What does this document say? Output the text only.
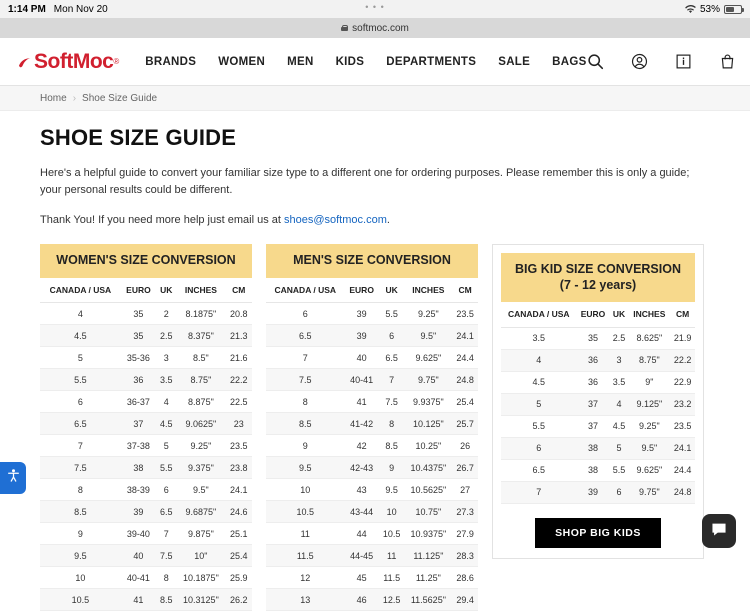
1:14 PM Mon Nov 20	• • •	53%
softmoc.com
SoftMoc ® BRANDS WOMEN MEN KIDS DEPARTMENTS SALE BAGS
Home › Shoe Size Guide
SHOE SIZE GUIDE

Here's a helpful guide to convert your familiar size type to a different one for ordering purposes. Please remember this is only a guide; your personal results could be different.

Thank You! If you need more help just email us at shoes@softmoc.com.

WOMEN'S SIZE CONVERSION
CANADA / USA	EURO	UK	INCHES	CM
4	35	2	8.1875"	20.8
4.5	35	2.5	8.375"	21.3
5	35-36	3	8.5"	21.6
5.5	36	3.5	8.75"	22.2
6	36-37	4	8.875"	22.5
6.5	37	4.5	9.0625"	23
7	37-38	5	9.25"	23.5
7.5	38	5.5	9.375"	23.8
8	38-39	6	9.5"	24.1
8.5	39	6.5	9.6875"	24.6
9	39-40	7	9.875"	25.1
9.5	40	7.5	10"	25.4
10	40-41	8	10.1875"	25.9
10.5	41	8.5	10.3125"	26.2
MEN'S SIZE CONVERSION
CANADA / USA	EURO	UK	INCHES	CM
6	39	5.5	9.25"	23.5
6.5	39	6	9.5"	24.1
7	40	6.5	9.625"	24.4
7.5	40-41	7	9.75"	24.8
8	41	7.5	9.9375"	25.4
8.5	41-42	8	10.125"	25.7
9	42	8.5	10.25"	26
9.5	42-43	9	10.4375"	26.7
10	43	9.5	10.5625"	27
10.5	43-44	10	10.75"	27.3
11	44	10.5	10.9375"	27.9
11.5	44-45	11	11.125"	28.3
12	45	11.5	11.25"	28.6
13	46	12.5	11.5625"	29.4
BIG KID SIZE CONVERSION
(7 - 12 years)
CANADA / USA	EURO	UK	INCHES	CM
3.5	35	2.5	8.625"	21.9
4	36	3	8.75"	22.2
4.5	36	3.5	9"	22.9
5	37	4	9.125"	23.2
5.5	37	4.5	9.25"	23.5
6	38	5	9.5"	24.1
6.5	38	5.5	9.625"	24.4
7	39	6	9.75"	24.8
SHOP BIG KIDS
